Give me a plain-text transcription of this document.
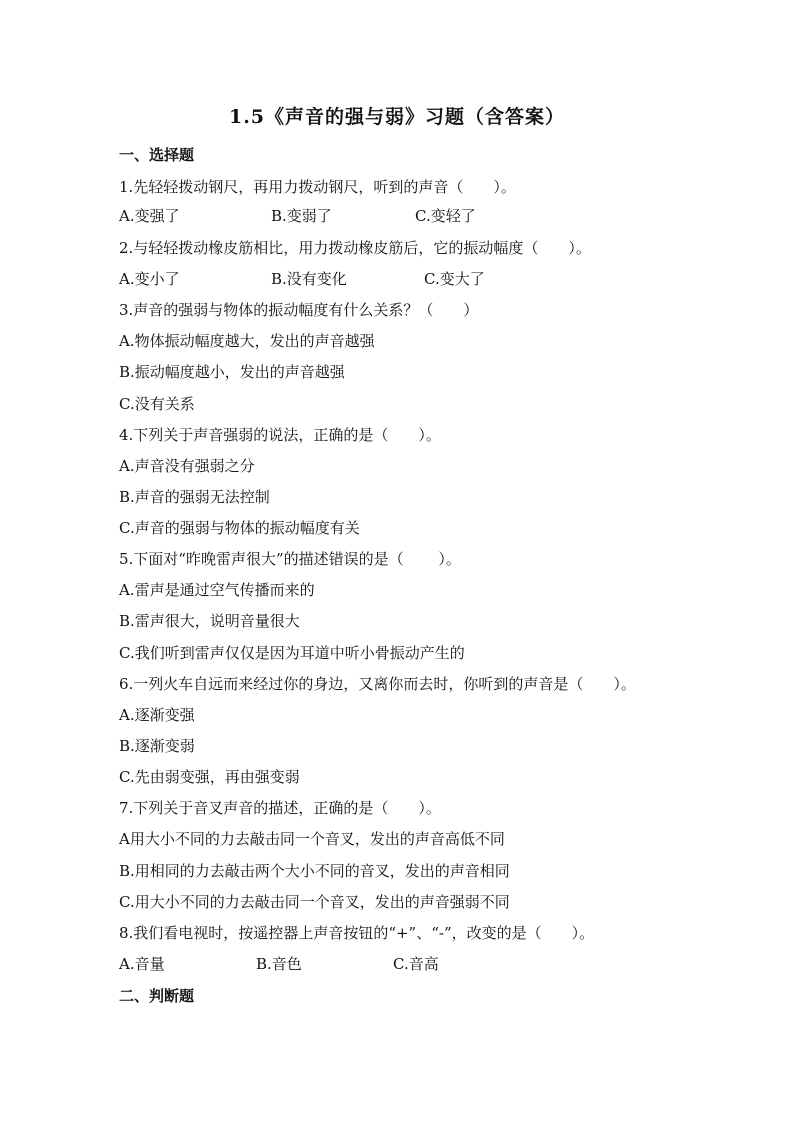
1.5《声音的强与弱》习题（含答案）
一、选择题
1.先轻轻拨动钢尺，再用力拨动钢尺，听到的声音（　　）。
A.变强了	B.变弱了	C.变轻了
2.与轻轻拨动橡皮筋相比，用力拨动橡皮筋后，它的振动幅度（　　）。
A.变小了	B.没有变化	C.变大了
3.声音的强弱与物体的振动幅度有什么关系？（　　）
A.物体振动幅度越大，发出的声音越强
B.振动幅度越小，发出的声音越强
C.没有关系
4.下列关于声音强弱的说法，正确的是（　　）。
A.声音没有强弱之分
B.声音的强弱无法控制
C.声音的强弱与物体的振动幅度有关
5.下面对“昨晚雷声很大”的描述错误的是（　　 ）。
A.雷声是通过空气传播而来的
B.雷声很大，说明音量很大
C.我们听到雷声仅仅是因为耳道中听小骨振动产生的
6.一列火车自远而来经过你的身边，又离你而去时，你听到的声音是（　　）。
A.逐渐变强
B.逐渐变弱
C.先由弱变强，再由强变弱
7.下列关于音叉声音的描述，正确的是（　　）。
A用大小不同的力去敲击同一个音叉，发出的声音高低不同
B.用相同的力去敲击两个大小不同的音叉，发出的声音相同
C.用大小不同的力去敲击同一个音叉，发出的声音强弱不同
8.我们看电视时，按遥控器上声音按钮的“+”、“-”，改变的是（　　）。
A.音量	B.音色	C.音高
二、判断题
